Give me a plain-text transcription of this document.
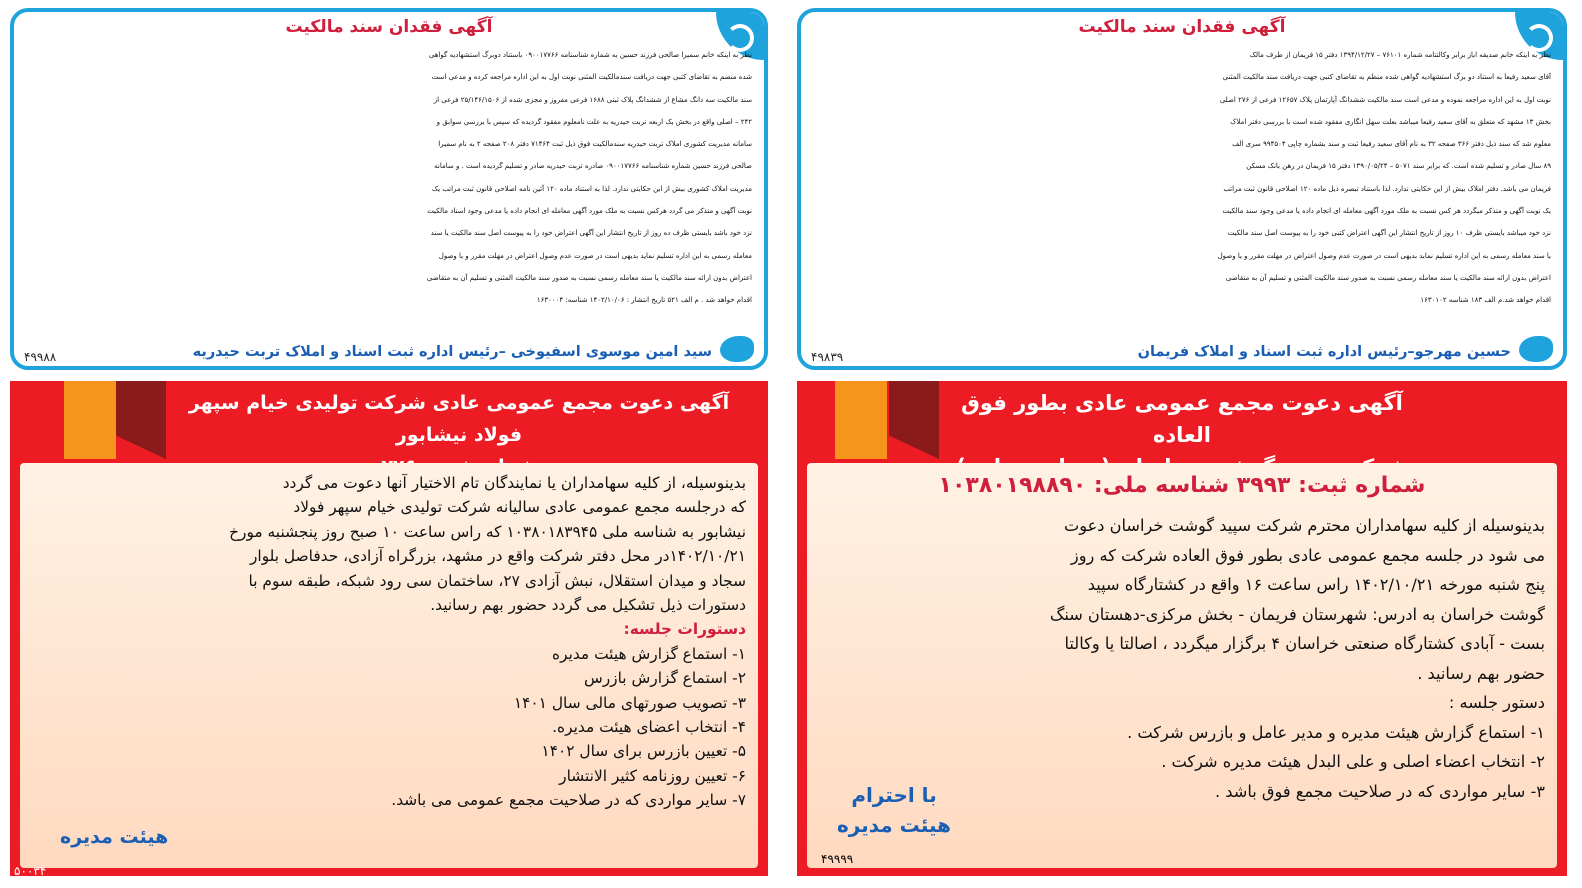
آگهی فقدان سند مالکیت
نظر به اینکه خانم صدیقه ایاز برابر وکالتنامه شماره ۷۶۱۰۱ – ۱۳۹۴/۱۲/۲۷ دفتر ۱۵ فریمان از طرف مالک
آقای سعید رفیعا به استناد دو برگ استشهادیه گواهی شده منظم به تقاضای کتبی جهت دریافت سند مالکیت المثنی
نوبت اول به این اداره مراجعه نموده و مدعی است سند مالکیت ششدانگ آپارتمان پلاک ۱۲۶۵۷ فرعی از ۲۷۶ اصلی
بخش ۱۳ مشهد که متعلق به آقای سعید رفیعا میباشد بعلت سهل انگاری مفقود شده است با بررسی دفتر املاک
معلوم شد که سند ذیل دفتر ۳۶۶ صفحه ۳۲ به نام آقای سعید رفیعا ثبت و سند بشماره چاپی ۹۹۴۵۰۴ سری الف
۸۹ سال صادر و تسلیم شده است. که برابر سند ۵۰۷۱ – ۱۳۹۰/۰۵/۲۴ دفتر ۱۵ فریمان در رهن بانک مسکن
فریمان می باشد. دفتر املاک بیش از این حکایتی ندارد. لذا باستناد تبصره ذیل ماده ۱۲۰ اصلاحی قانون ثبت مراتب
یک نوبت آگهی و متذکر میگردد هر کس نسبت به ملک مورد آگهی معامله ای انجام داده یا مدعی وجود سند مالکیت
نزد خود میباشد بایستی ظرف ۱۰ روز از تاریخ انتشار این آگهی اعتراض کتبی خود را به پیوست اصل سند مالکیت
یا سند معامله رسمی به این اداره تسلیم نماید بدیهی است در صورت عدم وصول اعتراض در مهلت مقرر و یا وصول
اعتراض بدون ارائه سند مالکیت یا سند معامله رسمی نسبت به صدور سند مالکیت المثنی و تسلیم آن به متقاضی
اقدام خواهد شد.م الف ۱۸۳ شناسه ۱۶۳۰۱۰۲
حسین مهرجو–رئیس اداره ثبت اسناد و املاک فریمان
۴۹۸۳۹
آگهی فقدان سند مالکیت
نظر به اینکه خانم سمیرا صالحی فرزند حسین به شماره شناسنامه ۰۹۰۰۱۷۷۶۶ باستناد دوبرگ استشهادیه گواهی
شده منضم به تقاضای کتبی جهت دریافت سندمالکیت المثنی نوبت اول به این اداره مراجعه کرده و مدعی است
سند مالکیت سه دانگ مشاع از ششدانگ پلاک ثبتی ۱۶۸۸ فرعی مفروز و مجزی شده از ۲۵/۱۴۶/۱۵۰۶ فرعی از
۲۴۲ – اصلی واقع در بخش یک اربعه تربت حیدریه به علت نامعلوم مفقود گردیده که سپس با بررسی سوابق و
سامانه مدیریت کشوری املاک تربت حیدریه سندمالکیت فوق ذیل ثبت ۷۱۴۶۴ دفتر ۲۰۸ صفحه ۲ به نام سمیرا
صالحی فرزند حسین شماره شناسنامه ۰۹۰۰۱۷۷۶۶ صادره تربت حیدریه صادر و تسلیم گردیده است . و سامانه
مدیریت املاک کشوری بیش از این حکایتی ندارد. لذا به استناد ماده ۱۲۰ آئین نامه اصلاحی قانون ثبت مراتب یک
نوبت آگهی و متذکر می گردد هرکس نسبت به ملک مورد آگهی معامله ای انجام داده یا مدعی وجود اسناد مالکیت
نزد خود باشد بایستی ظرف ده روز از تاریخ انتشار این آگهی اعتراض خود را به پیوست اصل سند مالکیت یا سند
معامله رسمی به این اداره تسلیم نماید بدیهی است در صورت عدم وصول اعتراض در مهلت مقرر و یا وصول
اعتراض بدون ارائه سند مالکیت یا سند معامله رسمی نسبت به صدور سند مالکیت المثنی و تسلیم آن به متقاضی
اقدام خواهد شد . م الف ۵۲۱ تاریخ انتشار : ۱۴۰۲/۱۰/۰۶ شناسه: ۱۶۳۰۰۰۴
سید امین موسوی اسفیوخی –رئیس اداره ثبت اسناد و املاک تربت حیدریه
۴۹۹۸۸
آگهی دعوت مجمع عمومی عادی بطور فوق العاده
شماره ثبت: ۳۹۹۳ شناسه ملی: ۱۰۳۸۰۱۹۸۸۹۰
بدینوسیله از کلیه سهامداران محترم شرکت سپید گوشت خراسان دعوت
می شود در جلسه مجمع عمومی عادی بطور فوق العاده شرکت که روز
پنج شنبه مورخه ۱۴۰۲/۱۰/۲۱ راس ساعت ۱۶ واقع در کشتارگاه سپید
گوشت خراسان به ادرس: شهرستان فریمان - بخش مرکزی-دهستان سنگ
بست - آبادی کشتارگاه صنعتی خراسان ۴ برگزار میگردد ، اصالتا یا وکالتا
حضور بهم رسانید .
دستور جلسه :
۱- استماع گزارش هیئت مدیره و مدیر عامل و بازرس شرکت .
۲- انتخاب اعضاء اصلی و علی البدل هیئت مدیره شرکت .
۳- سایر مواردی که در صلاحیت مجمع فوق باشد .
با احترام
هیئت مدیره
۴۹۹۹۹
آگهی دعوت مجمع عمومی عادی شرکت تولیدی خیام سپهر فولاد نیشابور
بدینوسیله، از کلیه سهامداران یا نمایندگان تام الاختیار آنها دعوت می گردد
که درجلسه مجمع عمومی عادی سالیانه شرکت تولیدی خیام سپهر فولاد
نیشابور به شناسه ملی ۱۰۳۸۰۱۸۳۹۴۵ که راس ساعت ۱۰ صبح روز پنجشنبه مورخ
۱۴۰۲/۱۰/۲۱در محل دفتر شرکت واقع در مشهد، بزرگراه آزادی، حدفاصل بلوار
سجاد و میدان استقلال، نبش آزادی ۲۷، ساختمان سی رود شبکه، طبقه سوم با
دستورات ذیل تشکیل می گردد حضور بهم رسانید.
دستورات جلسه:
۱- استماع گزارش هیئت مدیره
۲- استماع گزارش بازرس
۳- تصویب صورتهای مالی سال ۱۴۰۱
۴- انتخاب اعضای هیئت مدیره.
۵- تعیین بازرس برای سال ۱۴۰۲
۶- تعیین روزنامه کثیر الانتشار
۷- سایر مواردی که در صلاحیت مجمع عمومی می باشد.
هیئت مدیره
۵۰۰۳۴
